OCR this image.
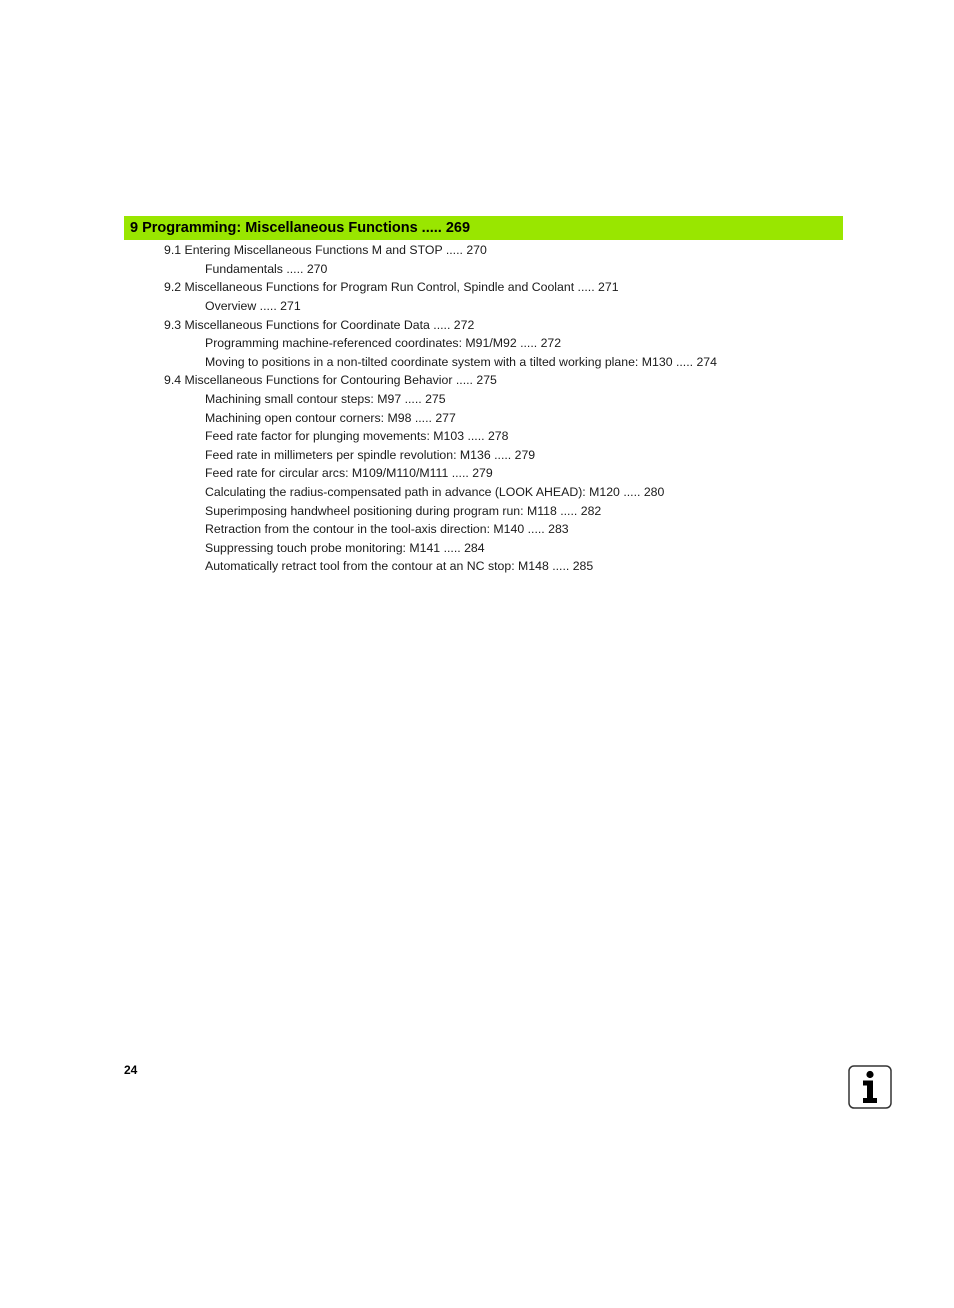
9 Programming: Miscellaneous Functions ..... 269
9.1 Entering Miscellaneous Functions M and STOP ..... 270
Fundamentals ..... 270
9.2 Miscellaneous Functions for Program Run Control, Spindle and Coolant ..... 271
Overview ..... 271
9.3 Miscellaneous Functions for Coordinate Data ..... 272
Programming machine-referenced coordinates: M91/M92 ..... 272
Moving to positions in a non-tilted coordinate system with a tilted working plane: M130 ..... 274
9.4 Miscellaneous Functions for Contouring Behavior ..... 275
Machining small contour steps: M97 ..... 275
Machining open contour corners: M98 ..... 277
Feed rate factor for plunging movements: M103 ..... 278
Feed rate in millimeters per spindle revolution: M136 ..... 279
Feed rate for circular arcs: M109/M110/M111 ..... 279
Calculating the radius-compensated path in advance (LOOK AHEAD): M120 ..... 280
Superimposing handwheel positioning during program run: M118 ..... 282
Retraction from the contour in the tool-axis direction: M140 ..... 283
Suppressing touch probe monitoring: M141 ..... 284
Automatically retract tool from the contour at an NC stop: M148 ..... 285
24
